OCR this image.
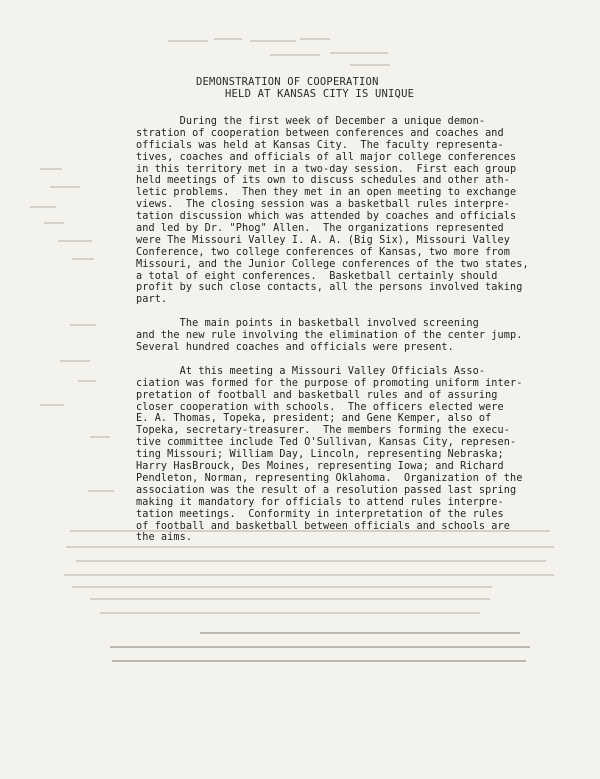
DEMONSTRATION OF COOPERATION
HELD AT KANSAS CITY IS UNIQUE
During the first week of December a unique demon-
stration of cooperation between conferences and coaches and
officials was held at Kansas City.  The faculty representa-
tives, coaches and officials of all major college conferences
in this territory met in a two-day session.  First each group
held meetings of its own to discuss schedules and other ath-
letic problems.  Then they met in an open meeting to exchange
views.  The closing session was a basketball rules interpre-
tation discussion which was attended by coaches and officials
and led by Dr. "Phog" Allen.  The organizations represented
were The Missouri Valley I. A. A. (Big Six), Missouri Valley
Conference, two college conferences of Kansas, two more from
Missouri, and the Junior College conferences of the two states,
a total of eight conferences.  Basketball certainly should
profit by such close contacts, all the persons involved taking
part.
The main points in basketball involved screening
and the new rule involving the elimination of the center jump.
Several hundred coaches and officials were present.
At this meeting a Missouri Valley Officials Asso-
ciation was formed for the purpose of promoting uniform inter-
pretation of football and basketball rules and of assuring
closer cooperation with schools.  The officers elected were
E. A. Thomas, Topeka, president; and Gene Kemper, also of
Topeka, secretary-treasurer.  The members forming the execu-
tive committee include Ted O'Sullivan, Kansas City, represen-
ting Missouri; William Day, Lincoln, representing Nebraska;
Harry HasBrouck, Des Moines, representing Iowa; and Richard
Pendleton, Norman, representing Oklahoma.  Organization of the
association was the result of a resolution passed last spring
making it mandatory for officials to attend rules interpre-
tation meetings.  Conformity in interpretation of the rules
of football and basketball between officials and schools are
the aims.
